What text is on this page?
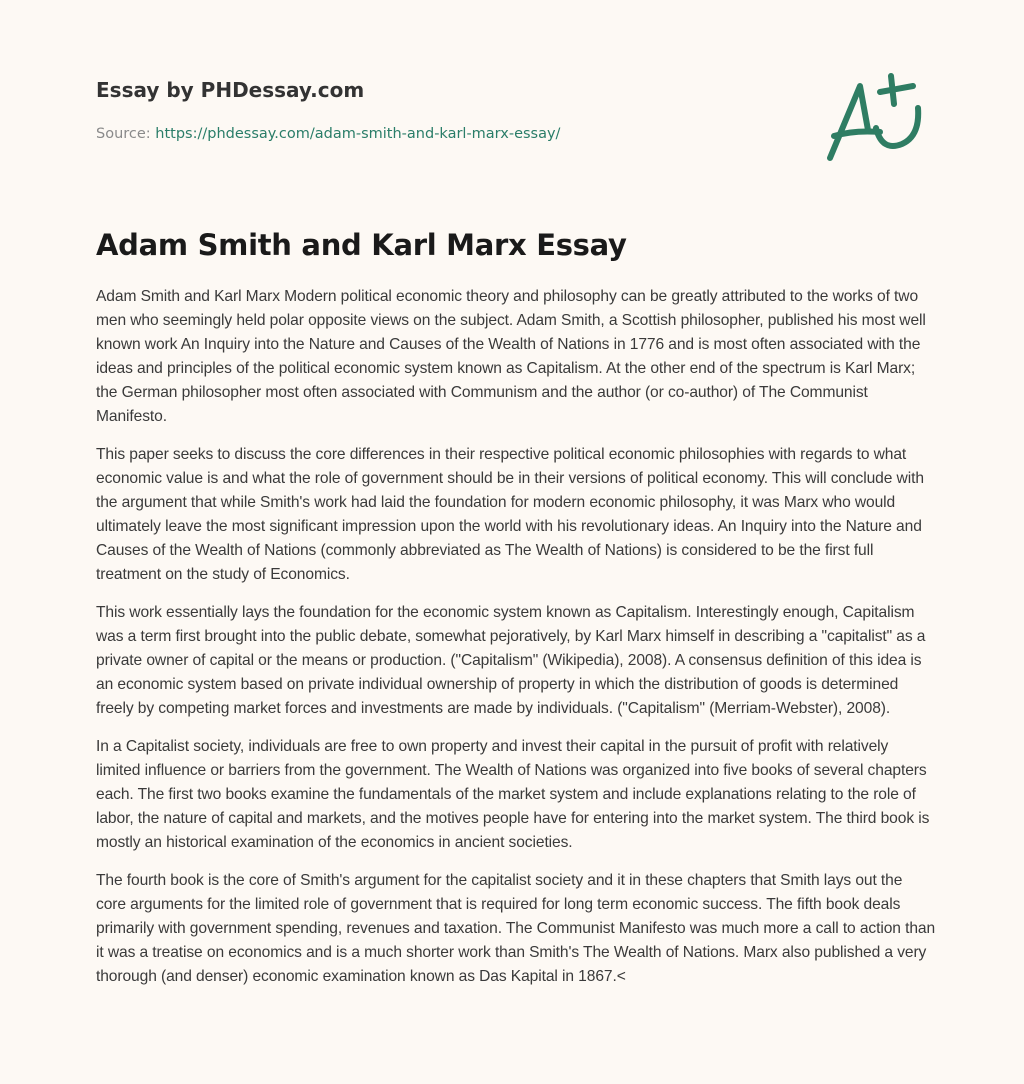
Essay by PHDessay.com
Source: https://phdessay.com/adam-smith-and-karl-marx-essay/
Adam Smith and Karl Marx Essay

Adam Smith and Karl Marx Modern political economic theory and philosophy can be greatly attributed to the works of two men who seemingly held polar opposite views on the subject. Adam Smith, a Scottish philosopher, published his most well known work An Inquiry into the Nature and Causes of the Wealth of Nations in 1776 and is most often associated with the ideas and principles of the political economic system known as Capitalism. At the other end of the spectrum is Karl Marx; the German philosopher most often associated with Communism and the author (or co-author) of The Communist Manifesto.

This paper seeks to discuss the core differences in their respective political economic philosophies with regards to what economic value is and what the role of government should be in their versions of political economy. This will conclude with the argument that while Smith's work had laid the foundation for modern economic philosophy, it was Marx who would ultimately leave the most significant impression upon the world with his revolutionary ideas. An Inquiry into the Nature and Causes of the Wealth of Nations (commonly abbreviated as The Wealth of Nations) is considered to be the first full treatment on the study of Economics.

This work essentially lays the foundation for the economic system known as Capitalism. Interestingly enough, Capitalism was a term first brought into the public debate, somewhat pejoratively, by Karl Marx himself in describing a "capitalist" as a private owner of capital or the means or production. ("Capitalism" (Wikipedia), 2008). A consensus definition of this idea is an economic system based on private individual ownership of property in which the distribution of goods is determined freely by competing market forces and investments are made by individuals. ("Capitalism" (Merriam-Webster), 2008).

In a Capitalist society, individuals are free to own property and invest their capital in the pursuit of profit with relatively limited influence or barriers from the government. The Wealth of Nations was organized into five books of several chapters each. The first two books examine the fundamentals of the market system and include explanations relating to the role of labor, the nature of capital and markets, and the motives people have for entering into the market system. The third book is mostly an historical examination of the economics in ancient societies.

The fourth book is the core of Smith's argument for the capitalist society and it in these chapters that Smith lays out the core arguments for the limited role of government that is required for long term economic success. The fifth book deals primarily with government spending, revenues and taxation. The Communist Manifesto was much more a call to action than it was a treatise on economics and is a much shorter work than Smith's The Wealth of Nations. Marx also published a very thorough (and denser) economic examination known as Das Kapital in 1867.<
